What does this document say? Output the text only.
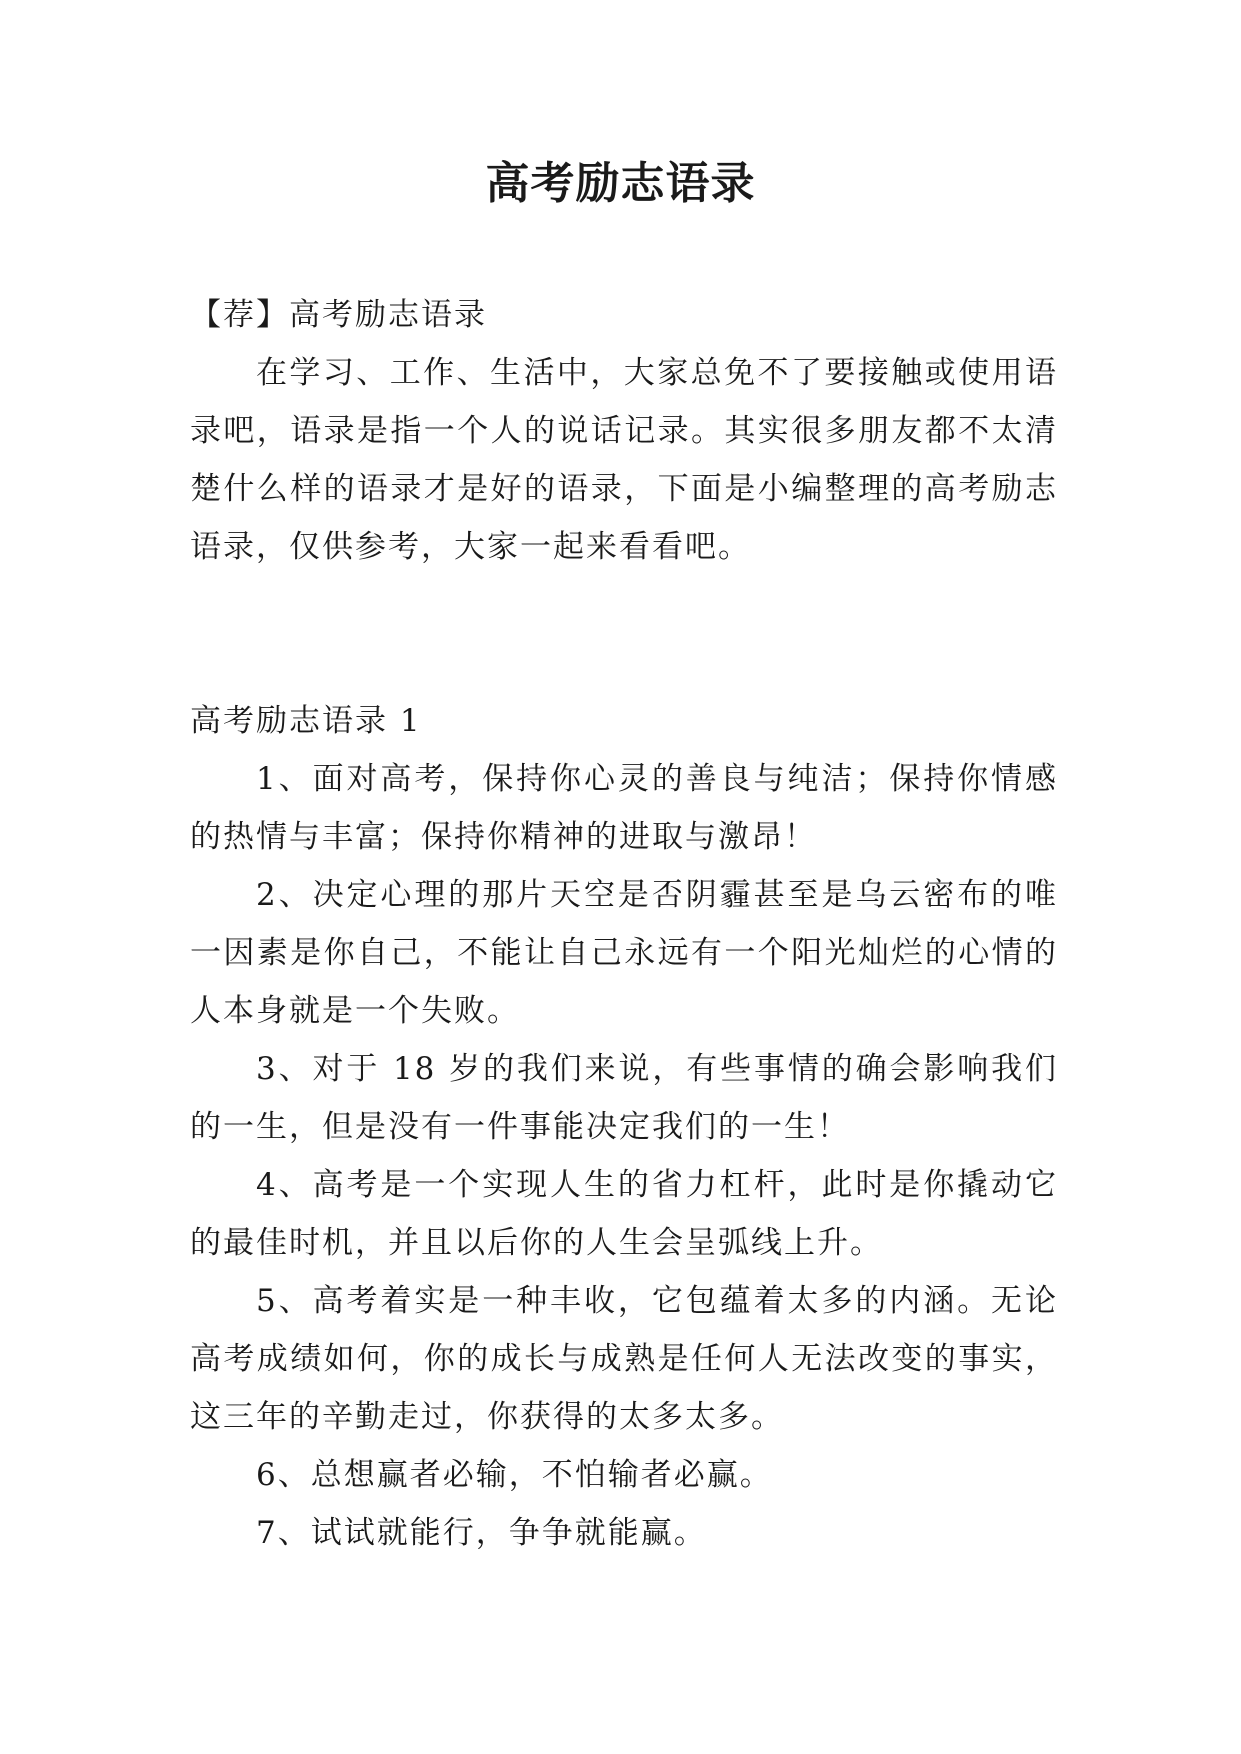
高考励志语录

【荐】高考励志语录

在学习、工作、生活中，大家总免不了要接触或使用语录吧，语录是指一个人的说话记录。其实很多朋友都不太清楚什么样的语录才是好的语录，下面是小编整理的高考励志语录，仅供参考，大家一起来看看吧。

高考励志语录 1

1、面对高考，保持你心灵的善良与纯洁；保持你情感的热情与丰富；保持你精神的进取与激昂！

2、决定心理的那片天空是否阴霾甚至是乌云密布的唯一因素是你自己，不能让自己永远有一个阳光灿烂的心情的人本身就是一个失败。

3、对于 18 岁的我们来说，有些事情的确会影响我们的一生，但是没有一件事能决定我们的一生！

4、高考是一个实现人生的省力杠杆，此时是你撬动它的最佳时机，并且以后你的人生会呈弧线上升。

5、高考着实是一种丰收，它包蕴着太多的内涵。无论高考成绩如何，你的成长与成熟是任何人无法改变的事实，这三年的辛勤走过，你获得的太多太多。

6、总想赢者必输，不怕输者必赢。

7、试试就能行，争争就能赢。
